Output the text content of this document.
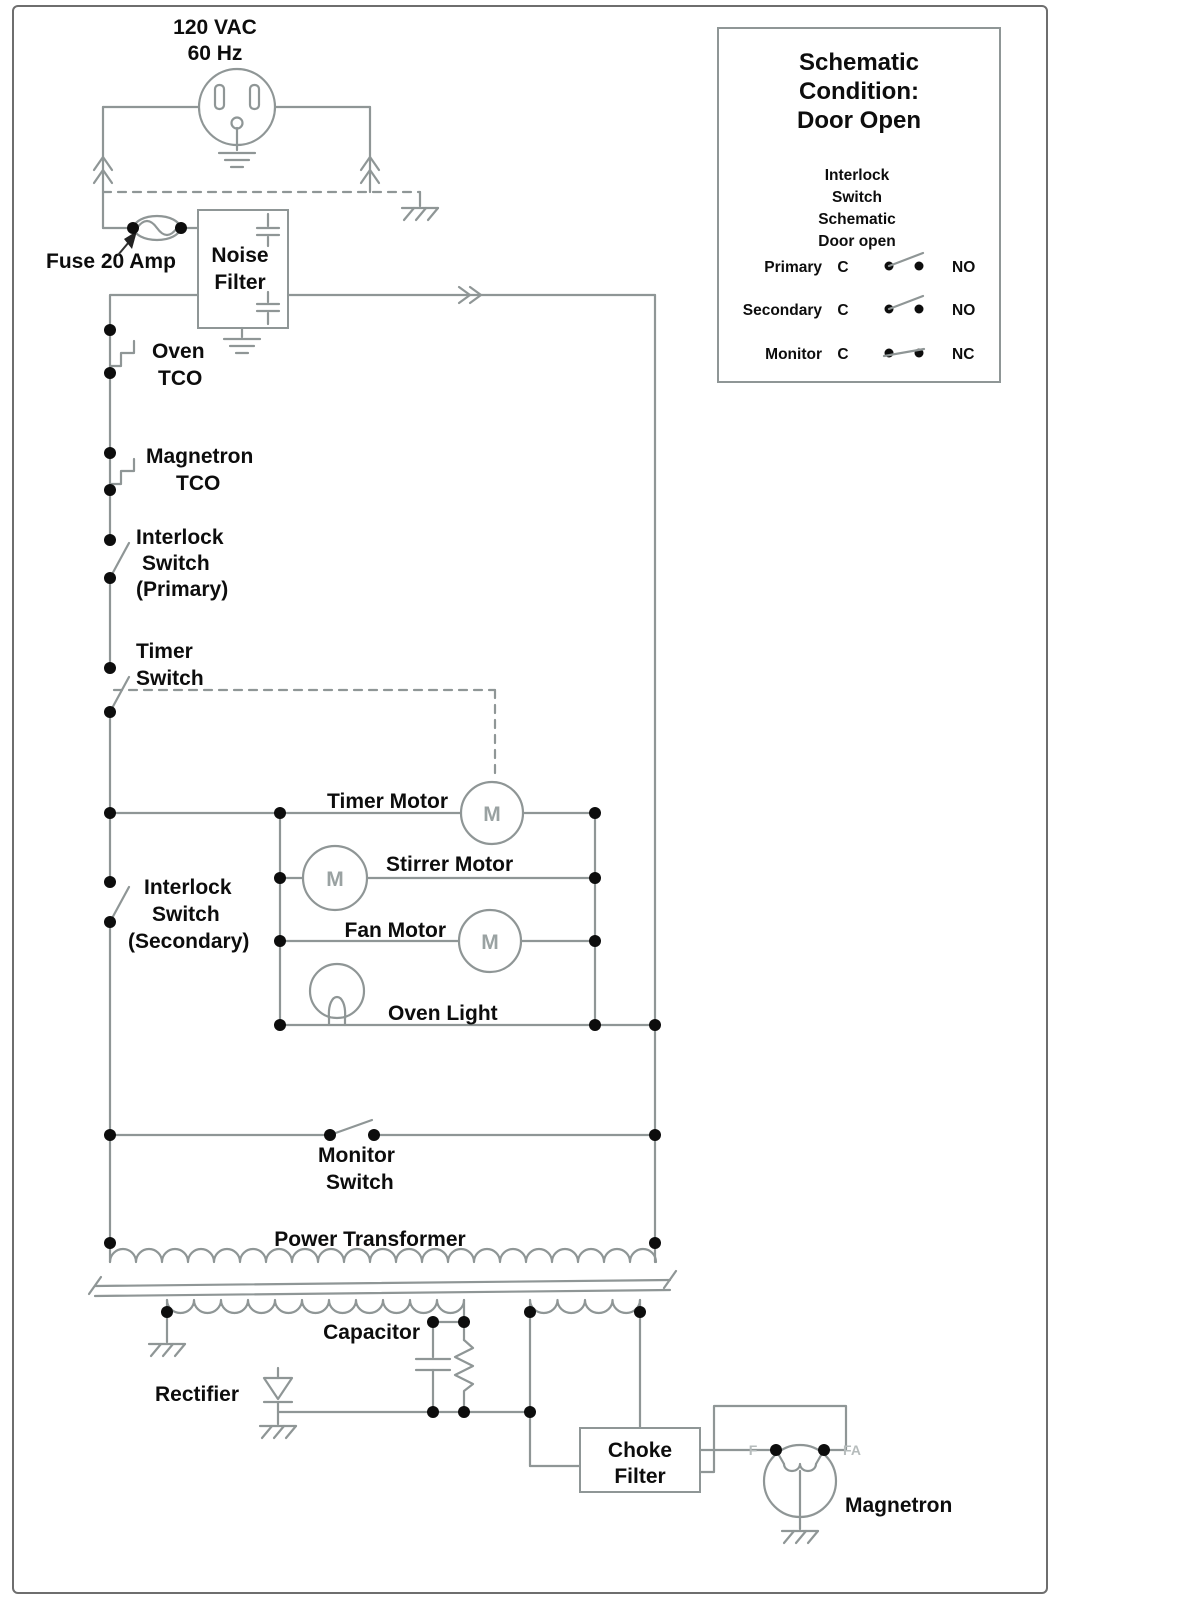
120 VAC
60 Hz
Fuse 20 Amp Noise
Filter
Oven
TCO
Magnetron
TCO
Interlock
Switch
(Primary)
Timer
Switch
M
Timer Motor
M
Stirrer Motor
M
Fan Motor
Oven Light
Interlock
Switch
(Secondary)
Monitor
Switch
Power Transformer
Capacitor
Rectifier
Choke
Filter
F	FA
Magnetron
Schematic
Condition:
Door Open
Interlock
Switch
Schematic
Door open
Primary C	NO
Secondary C	NO
Monitor C	NC
